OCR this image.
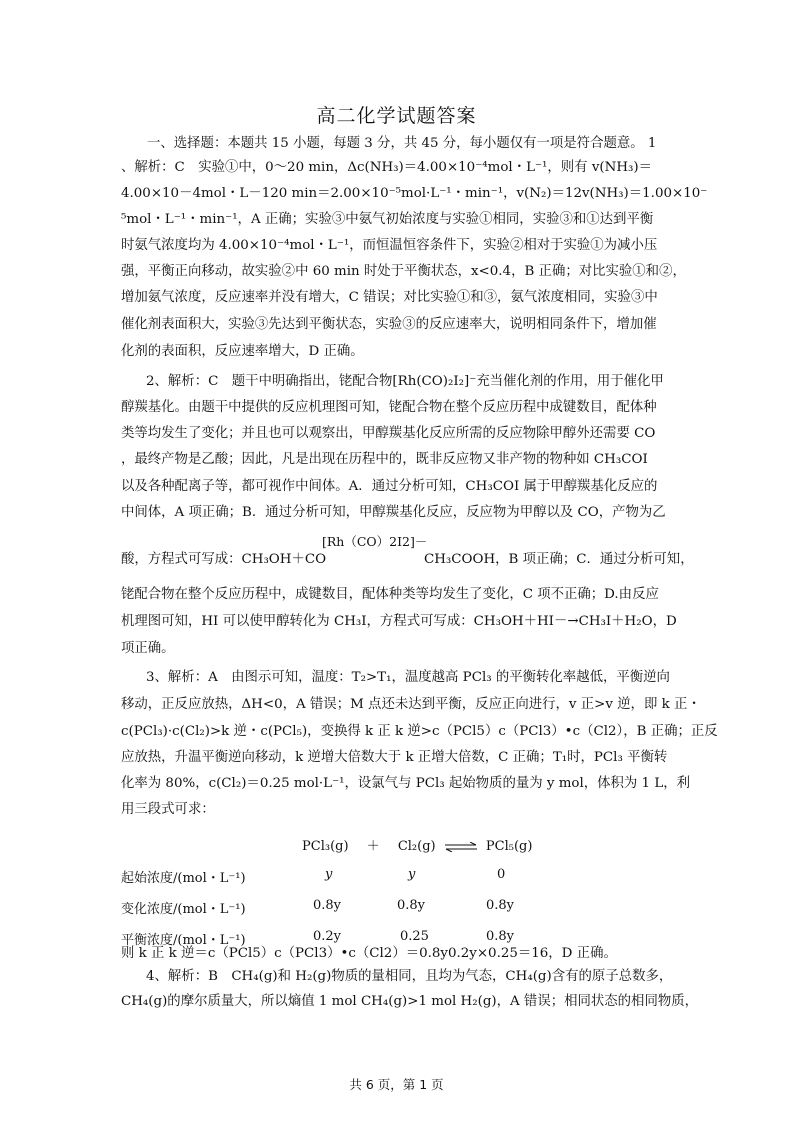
高二化学试题答案
一、选择题：本题共 15 小题，每题 3 分，共 45 分，每小题仅有一项是符合题意。 1
、解析：C　实验①中，0～20 min，Δc(NH₃)＝4.00×10⁻⁴mol・L⁻¹，则有 v(NH₃)＝
4.00×10－4mol・L－120 min＝2.00×10⁻⁵mol·L⁻¹・min⁻¹，v(N₂)＝12v(NH₃)＝1.00×10⁻
⁵mol・L⁻¹・min⁻¹，A 正确；实验③中氨气初始浓度与实验①相同，实验③和①达到平衡
时氨气浓度均为 4.00×10⁻⁴mol・L⁻¹，而恒温恒容条件下，实验②相对于实验①为减小压
强，平衡正向移动，故实验②中 60 min 时处于平衡状态，x<0.4，B 正确；对比实验①和②，
增加氨气浓度，反应速率并没有增大，C 错误；对比实验①和③，氨气浓度相同，实验③中
催化剂表面积大，实验③先达到平衡状态，实验③的反应速率大，说明相同条件下，增加催
化剂的表面积，反应速率增大，D 正确。
2、解析：C　题干中明确指出，铑配合物[Rh(CO)₂I₂]⁻充当催化剂的作用，用于催化甲
醇羰基化。由题干中提供的反应机理图可知，铑配合物在整个反应历程中成键数目，配体种
类等均发生了变化；并且也可以观察出，甲醇羰基化反应所需的反应物除甲醇外还需要 CO
，最终产物是乙酸；因此，凡是出现在历程中的，既非反应物又非产物的物种如 CH₃COI
以及各种配离子等，都可视作中间体。A．通过分析可知，CH₃COI 属于甲醇羰基化反应的
中间体，A 项正确；B．通过分析可知，甲醇羰基化反应，反应物为甲醇以及 CO，产物为乙
[Rh（CO）2I2]－
酸，方程式可写成：CH₃OH＋CO	CH₃COOH，B 项正确；C．通过分析可知，
铑配合物在整个反应历程中，成键数目，配体种类等均发生了变化，C 项不正确；D.由反应
机理图可知，HI 可以使甲醇转化为 CH₃I，方程式可写成：CH₃OH＋HI－→CH₃I＋H₂O，D
项正确。
3、解析：A　由图示可知，温度：T₂>T₁，温度越高 PCl₃ 的平衡转化率越低，平衡逆向
移动，正反应放热，ΔH<0，A 错误；M 点还未达到平衡，反应正向进行，v 正>v 逆，即 k 正・
c(PCl₃)·c(Cl₂)>k 逆・c(PCl₅)，变换得 k 正 k 逆>c（PCl5）c（PCl3）•c（Cl2），B 正确；正反
应放热，升温平衡逆向移动，k 逆增大倍数大于 k 正增大倍数，C 正确；T₁时，PCl₃ 平衡转
化率为 80%，c(Cl₂)＝0.25 mol·L⁻¹，设氯气与 PCl₃ 起始物质的量为 y mol，体积为 1 L，利
用三段式可求：
PCl₃(g) ＋ Cl₂(g) ⇌ PCl₅(g)
起始浓度/(mol・L⁻¹)	y	y	0
变化浓度/(mol・L⁻¹)	0.8y	0.8y	0.8y
平衡浓度/(mol・L⁻¹)	0.2y	0.25	0.8y
则 k 正 k 逆＝c（PCl5）c（PCl3）•c（Cl2）＝0.8y0.2y×0.25＝16，D 正确。
4、解析：B　CH₄(g)和 H₂(g)物质的量相同，且均为气态，CH₄(g)含有的原子总数多，
CH₄(g)的摩尔质量大，所以熵值 1 mol CH₄(g)>1 mol H₂(g)，A 错误；相同状态的相同物质，
共 6 页，第 1 页
